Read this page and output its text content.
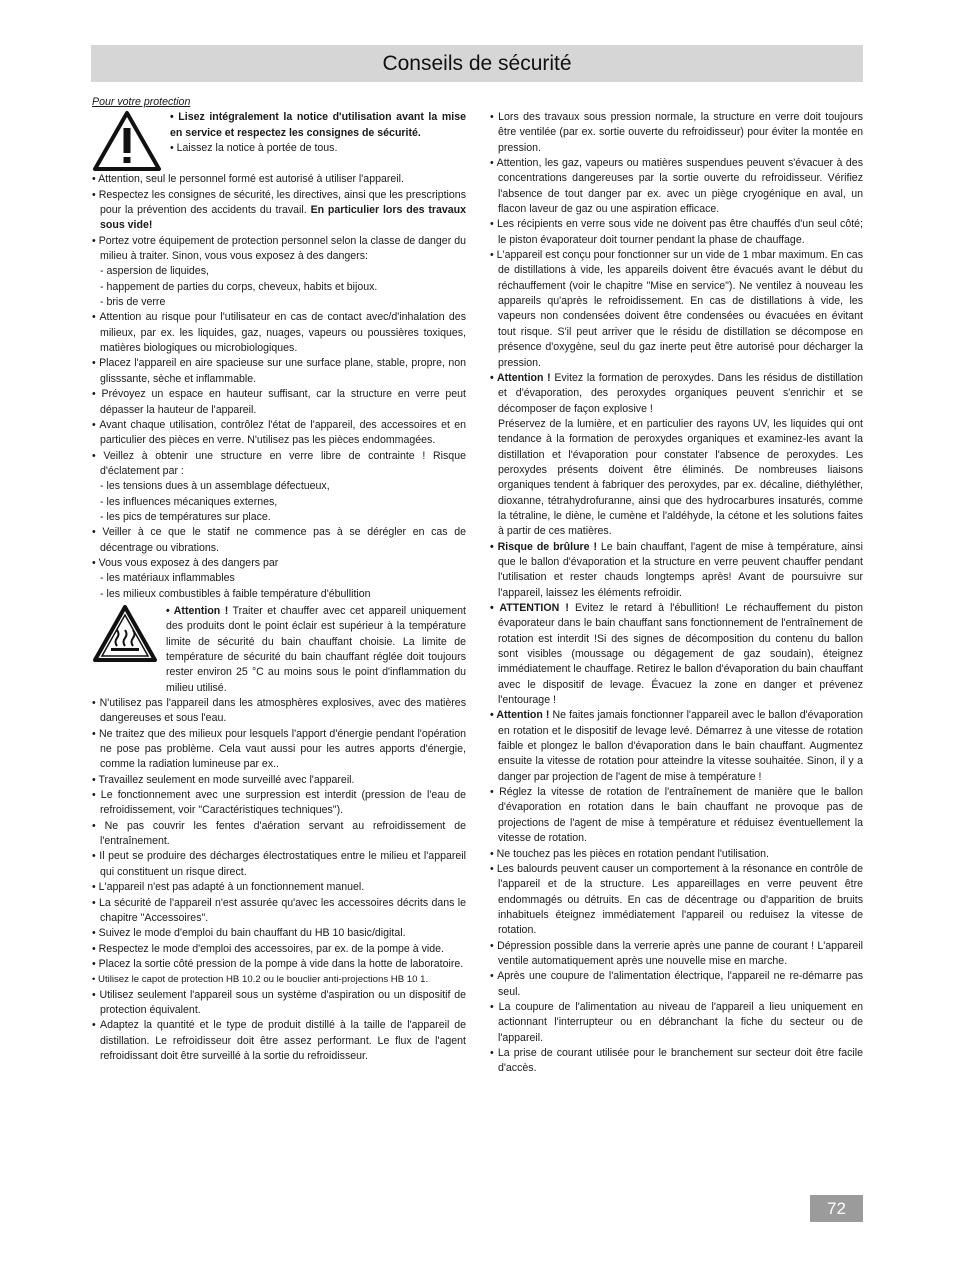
Conseils de sécurité

Pour votre protection

• Lisez intégralement la notice d'utilisation avant la mise en service et respectez les consignes de sécurité.

• Laissez la notice à portée de tous.

• Attention, seul le personnel formé est autorisé à utiliser l'appareil.

• Respectez les consignes de sécurité, les directives, ainsi que les prescriptions pour la prévention des accidents du travail. En particulier lors des travaux sous vide!

• Portez votre équipement de protection personnel selon la classe de danger du milieu à traiter. Sinon, vous vous exposez à des dangers:

- aspersion de liquides,

- happement de parties du corps, cheveux, habits et bijoux.

- bris de verre

• Attention au risque pour l'utilisateur en cas de contact avec/d'inhalation des milieux, par ex. les liquides, gaz, nuages, vapeurs ou poussières toxiques, matières biologiques ou microbiologiques.

• Placez l'appareil en aire spacieuse sur une surface plane, stable, propre, non glisssante, sèche et inflammable.

• Prévoyez un espace en hauteur suffisant, car la structure en verre peut dépasser la hauteur de l'appareil.

• Avant chaque utilisation, contrôlez l'état de l'appareil, des accessoires et en particulier des pièces en verre. N'utilisez pas les pièces endommagées.

• Veillez à obtenir une structure en verre libre de contrainte ! Risque d'éclatement par :

- les tensions dues à un assemblage défectueux,

- les influences mécaniques externes,

- les pics de températures sur place.

• Veiller à ce que le statif ne commence pas à se dérégler en cas de décentrage ou vibrations.

• Vous vous exposez à des dangers par

- les matériaux inflammables

- les milieux combustibles à faible température d'ébullition

• Attention ! Traiter et chauffer avec cet appareil uniquement des produits dont le point éclair est supérieur à la température limite de sécurité du bain chauffant choisie. La limite de température de sécurité du bain chauffant réglée doit toujours rester environ 25 °C au moins sous le point d'inflammation du milieu utilisé.

• N'utilisez pas l'appareil dans les atmosphères explosives, avec des matières dangereuses et sous l'eau.

• Ne traitez que des milieux pour lesquels l'apport d'énergie pendant l'opération ne pose pas problème. Cela vaut aussi pour les autres apports d'énergie, comme la radiation lumineuse par ex..

• Travaillez seulement en mode surveillé avec l'appareil.

• Le fonctionnement avec une surpression est interdit (pression de l'eau de refroidissement, voir "Caractéristiques techniques").

• Ne pas couvrir les fentes d'aération servant au refroidissement de l'entraînement.

• Il peut se produire des décharges électrostatiques entre le milieu et l'appareil qui constituent un risque direct.

• L'appareil n'est pas adapté à un fonctionnement manuel.

• La sécurité de l'appareil n'est assurée qu'avec les accessoires décrits dans le chapitre "Accessoires".

• Suivez le mode d'emploi du bain chauffant du HB 10 basic/digital.

• Respectez le mode d'emploi des accessoires, par ex. de la pompe à vide.

• Placez la sortie côté pression de la pompe à vide dans la hotte de laboratoire.

• Utilisez le capot de protection HB 10.2 ou le bouclier anti-projections HB 10 1.

• Utilisez seulement l'appareil sous un système d'aspiration ou un dispositif de protection équivalent.

• Adaptez la quantité et le type de produit distillé à la taille de l'appareil de distillation. Le refroidisseur doit être assez performant. Le flux de l'agent refroidissant doit être surveillé à la sortie du refroidisseur.

• Lors des travaux sous pression normale, la structure en verre doit toujours être ventilée (par ex. sortie ouverte du refroidisseur) pour éviter la montée en pression.

• Attention, les gaz, vapeurs ou matières suspendues peuvent s'évacuer à des concentrations dangereuses par la sortie ouverte du refroidisseur. Vérifiez l'absence de tout danger par ex. avec un piège cryogénique en aval, un flacon laveur de gaz ou une aspiration efficace.

• Les récipients en verre sous vide ne doivent pas être chauffés d'un seul côté; le piston évaporateur doit tourner pendant la phase de chauffage.

• L'appareil est conçu pour fonctionner sur un vide de 1 mbar maximum. En cas de distillations à vide, les appareils doivent être évacués avant le début du réchauffement (voir le chapitre "Mise en service"). Ne ventilez à nouveau les appareils qu'après le refroidissement. En cas de distillations à vide, les vapeurs non condensées doivent être condensées ou évacuées en évitant tout risque. S'il peut arriver que le résidu de distillation se décompose en présence d'oxygène, seul du gaz inerte peut être autorisé pour décharger la pression.

• Attention ! Evitez la formation de peroxydes. Dans les résidus de distillation et d'évaporation, des peroxydes organiques peuvent s'enrichir et se décomposer de façon explosive !

Préservez de la lumière, et en particulier des rayons UV, les liquides qui ont tendance à la formation de peroxydes organiques et examinez-les avant la distillation et l'évaporation pour constater l'absence de peroxydes. Les peroxydes présents doivent être éliminés. De nombreuses liaisons organiques tendent à fabriquer des peroxydes, par ex. décaline, diéthyléther, dioxanne, tétrahydrofuranne, ainsi que des hydrocarbures insaturés, comme la tétraline, le diène, le cumène et l'aldéhyde, la cétone et les solutions faites à partir de ces matières.

• Risque de brûlure ! Le bain chauffant, l'agent de mise à température, ainsi que le ballon d'évaporation et la structure en verre peuvent chauffer pendant l'utilisation et rester chauds longtemps après! Avant de poursuivre sur l'appareil, laissez les éléments refroidir.

• ATTENTION ! Evitez le retard à l'ébullition! Le réchauffement du piston évaporateur dans le bain chauffant sans fonctionnement de l'entraînement de rotation est interdit !Si des signes de décomposition du contenu du ballon sont visibles (moussage ou dégagement de gaz soudain), éteignez immédiatement le chauffage. Retirez le ballon d'évaporation du bain chauffant avec le dispositif de levage. Évacuez la zone en danger et prévenez l'entourage !

• Attention ! Ne faites jamais fonctionner l'appareil avec le ballon d'évaporation en rotation et le dispositif de levage levé. Démarrez à une vitesse de rotation faible et plongez le ballon d'évaporation dans le bain chauffant. Augmentez ensuite la vitesse de rotation pour atteindre la vitesse souhaitée. Sinon, il y a danger par projection de l'agent de mise à température !

• Réglez la vitesse de rotation de l'entraînement de manière que le ballon d'évaporation en rotation dans le bain chauffant ne provoque pas de projections de l'agent de mise à température et réduisez éventuellement la vitesse de rotation.

• Ne touchez pas les pièces en rotation pendant l'utilisation.

• Les balourds peuvent causer un comportement à la résonance en contrôle de l'appareil et de la structure. Les appareillages en verre peuvent être endommagés ou détruits. En cas de décentrage ou d'apparition de bruits inhabituels éteignez immédiatement l'appareil ou reduisez la vitesse de rotation.

• Dépression possible dans la verrerie après une panne de courant ! L'appareil ventile automatiquement après une nouvelle mise en marche.

• Après une coupure de l'alimentation électrique, l'appareil ne re-démarre pas seul.

• La coupure de l'alimentation au niveau de l'appareil a lieu uniquement en actionnant l'interrupteur ou en débranchant la fiche du secteur ou de l'appareil.

• La prise de courant utilisée pour le branchement sur secteur doit être facile d'accès.

72
